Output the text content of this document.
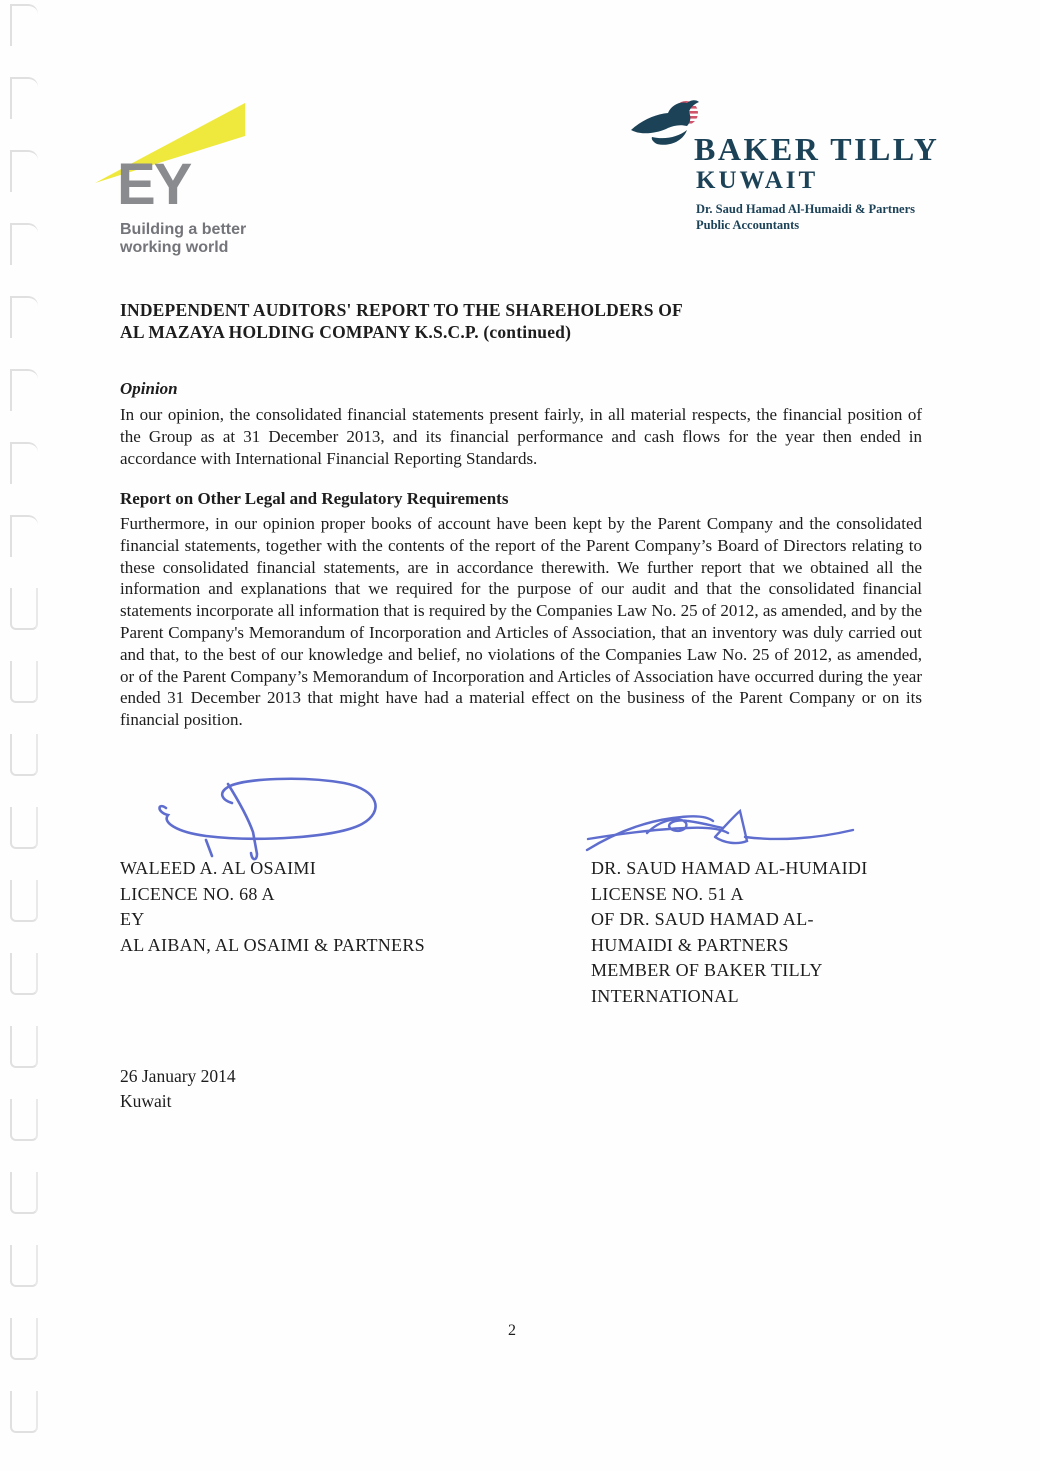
EY
Building a better
working world
BAKER TILLY
KUWAIT
Dr. Saud Hamad Al-Humaidi & Partners
Public Accountants
INDEPENDENT AUDITORS' REPORT TO THE SHAREHOLDERS OF
AL MAZAYA HOLDING COMPANY K.S.C.P. (continued)
Opinion
In our opinion, the consolidated financial statements present fairly, in all material respects, the financial position of the Group as at 31 December 2013, and its financial performance and cash flows for the year then ended in accordance with International Financial Reporting Standards.
Report on Other Legal and Regulatory Requirements
Furthermore, in our opinion proper books of account have been kept by the Parent Company and the consolidated financial statements, together with the contents of the report of the Parent Company’s Board of Directors relating to these consolidated financial statements, are in accordance therewith. We further report that we obtained all the information and explanations that we required for the purpose of our audit and that the consolidated financial statements incorporate all information that is required by the Companies Law No. 25 of 2012, as amended, and by the Parent Company's Memorandum of Incorporation and Articles of Association, that an inventory was duly carried out and that, to the best of our knowledge and belief, no violations of the Companies Law No. 25 of 2012, as amended, or of the Parent Company’s Memorandum of Incorporation and Articles of Association have occurred during the year ended 31 December 2013 that might have had a material effect on the business of the Parent Company or on its financial position.
WALEED A. AL OSAIMI
LICENCE NO. 68 A
EY
AL AIBAN, AL OSAIMI & PARTNERS
DR. SAUD HAMAD AL-HUMAIDI
LICENSE NO. 51 A
OF DR. SAUD HAMAD AL-
HUMAIDI & PARTNERS
MEMBER OF BAKER TILLY
INTERNATIONAL
26 January 2014
Kuwait
2
